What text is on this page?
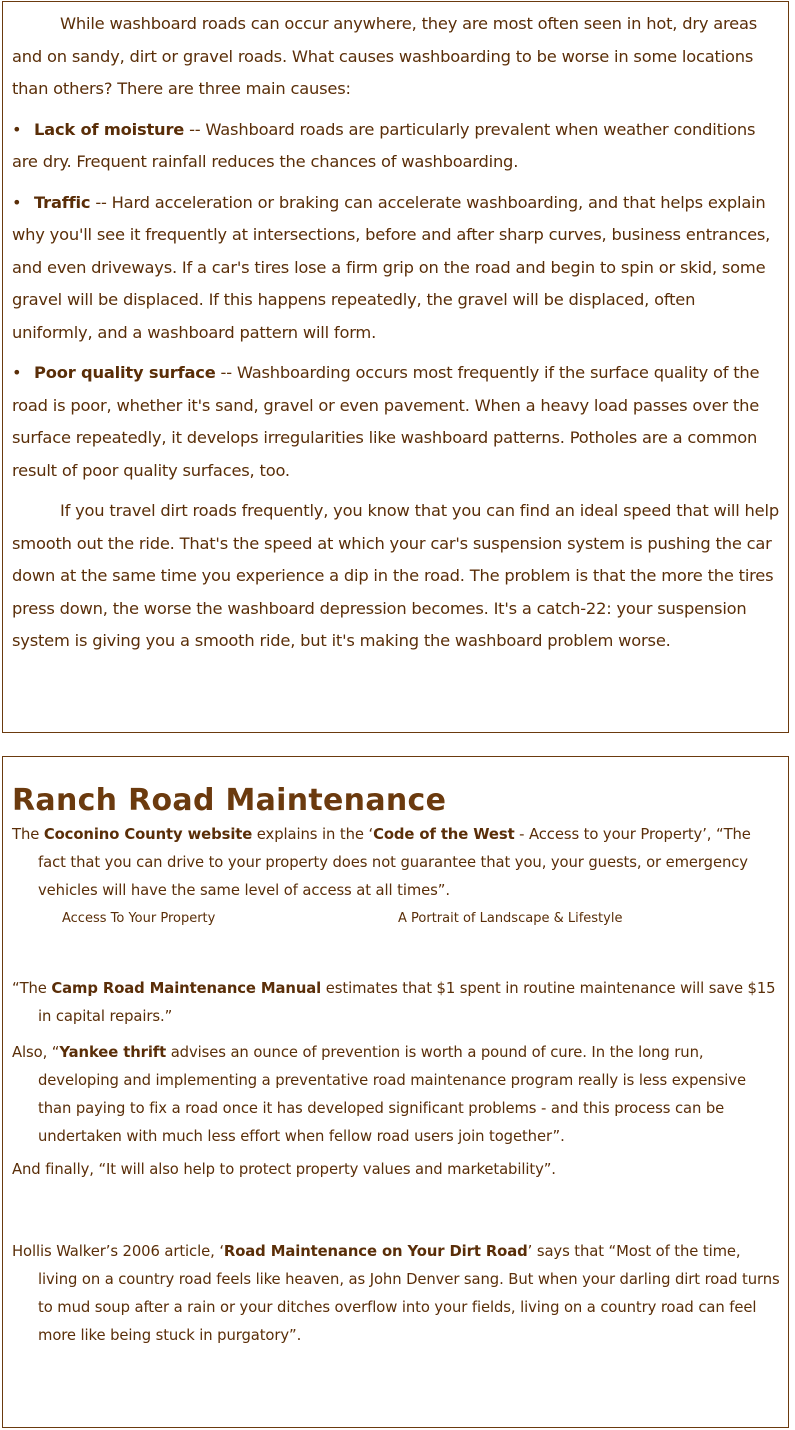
While washboard roads can occur anywhere, they are most often seen in hot, dry areas and on sandy, dirt or gravel roads. What causes washboarding to be worse in some locations than others? There are three main causes:

• Lack of moisture -- Washboard roads are particularly prevalent when weather conditions are dry. Frequent rainfall reduces the chances of washboarding.

• Traffic -- Hard acceleration or braking can accelerate washboarding, and that helps explain why you'll see it frequently at intersections, before and after sharp curves, business entrances, and even driveways. If a car's tires lose a firm grip on the road and begin to spin or skid, some gravel will be displaced. If this happens repeatedly, the gravel will be displaced, often uniformly, and a washboard pattern will form.

• Poor quality surface -- Washboarding occurs most frequently if the surface quality of the road is poor, whether it's sand, gravel or even pavement. When a heavy load passes over the surface repeatedly, it develops irregularities like washboard patterns. Potholes are a common result of poor quality surfaces, too.

If you travel dirt roads frequently, you know that you can find an ideal speed that will help smooth out the ride. That's the speed at which your car's suspension system is pushing the car down at the same time you experience a dip in the road. The problem is that the more the tires press down, the worse the washboard depression becomes. It's a catch-22: your suspension system is giving you a smooth ride, but it's making the washboard problem worse.

Ranch Road Maintenance

The Coconino County website explains in the ‘Code of the West - Access to your Property’, “The fact that you can drive to your property does not guarantee that you, your guests, or emergency vehicles will have the same level of access at all times”.

Access To Your Property	A Portrait of Landscape & Lifestyle

“The Camp Road Maintenance Manual estimates that $1 spent in routine maintenance will save $15 in capital repairs.”

Also, “Yankee thrift advises an ounce of prevention is worth a pound of cure. In the long run, developing and implementing a preventative road maintenance program really is less expensive than paying to fix a road once it has developed significant problems - and this process can be undertaken with much less effort when fellow road users join together”.

And finally, “It will also help to protect property values and marketability”.

Hollis Walker’s 2006 article, ‘Road Maintenance on Your Dirt Road’ says that “Most of the time, living on a country road feels like heaven, as John Denver sang. But when your darling dirt road turns to mud soup after a rain or your ditches overflow into your fields, living on a country road can feel more like being stuck in purgatory”.
